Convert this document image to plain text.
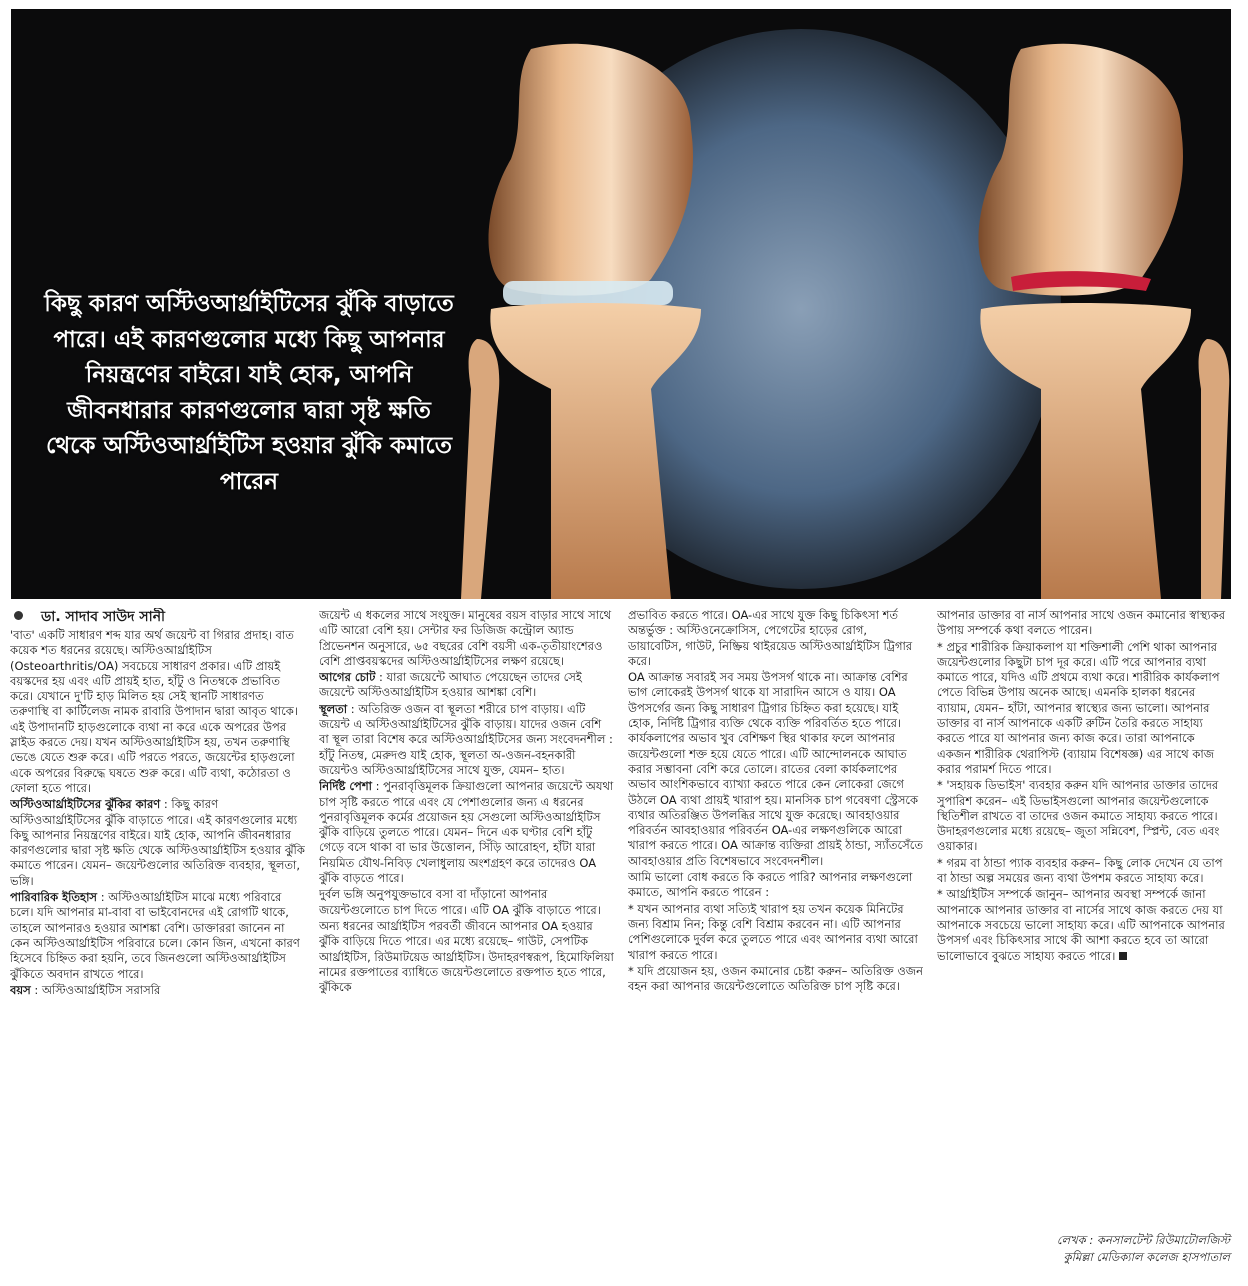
কিছু কারণ অস্টিওআর্থ্রাইটিসের ঝুঁকি বাড়াতে পারে। এই কারণগুলোর মধ্যে কিছু আপনার নিয়ন্ত্রণের বাইরে। যাই হোক, আপনি জীবনধারার কারণগুলোর দ্বারা সৃষ্ট ক্ষতি থেকে অস্টিওআর্থ্রাইটিস হওয়ার ঝুঁকি কমাতে পারেন
ডা. সাদাব সাউদ সানী

'বাত' একটি সাধারণ শব্দ যার অর্থ জয়েন্ট বা গিরার প্রদাহ। বাত কয়েক শত ধরনের রয়েছে। অস্টিওআর্থ্রাইটিস (Osteoarthritis/OA) সবচেয়ে সাধারণ প্রকার। এটি প্রায়ই বয়স্কদের হয় এবং এটি প্রায়ই হাত, হাঁটু ও নিতম্বকে প্রভাবিত করে। যেখানে দু'টি হাড় মিলিত হয় সেই স্থানটি সাধারণত তরুণাস্থি বা কার্টিলেজ নামক রাবারি উপাদান দ্বারা আবৃত থাকে। এই উপাদানটি হাড়গুলোকে ব্যথা না করে একে অপরের উপর স্লাইড করতে দেয়। যখন অস্টিওআর্থ্রাইটিস হয়, তখন তরুণাস্থি ভেঙে যেতে শুরু করে। এটি পরতে পরতে, জয়েন্টের হাড়গুলো একে অপরের বিরুদ্ধে ঘষতে শুরু করে। এটি ব্যথা, কঠোরতা ও ফোলা হতে পারে।

অস্টিওআর্থ্রাইটিসের ঝুঁকির কারণ : কিছু কারণ অস্টিওআর্থ্রাইটিসের ঝুঁকি বাড়াতে পারে। এই কারণগুলোর মধ্যে কিছু আপনার নিয়ন্ত্রণের বাইরে। যাই হোক, আপনি জীবনধারার কারণগুলোর দ্বারা সৃষ্ট ক্ষতি থেকে অস্টিওআর্থ্রাইটিস হওয়ার ঝুঁকি কমাতে পারেন। যেমন– জয়েন্টগুলোর অতিরিক্ত ব্যবহার, স্থূলতা, ভঙ্গি।

পারিবারিক ইতিহাস : অস্টিওআর্থ্রাইটিস মাঝে মধ্যে পরিবারে চলে। যদি আপনার মা-বাবা বা ভাইবোনদের এই রোগটি থাকে, তাহলে আপনারও হওয়ার আশঙ্কা বেশি। ডাক্তাররা জানেন না কেন অস্টিওআর্থ্রাইটিস পরিবারে চলে। কোন জিন, এখনো কারণ হিসেবে চিহ্নিত করা হয়নি, তবে জিনগুলো অস্টিওআর্থ্রাইটিস ঝুঁকিতে অবদান রাখতে পারে।

বয়স : অস্টিওআর্থ্রাইটিস সরাসরি

জয়েন্ট এ ধকলের সাথে সংযুক্ত। মানুষের বয়স বাড়ার সাথে সাথে এটি আরো বেশি হয়। সেন্টার ফর ডিজিজ কন্ট্রোল অ্যান্ড প্রিভেনশন অনুসারে, ৬৫ বছরের বেশি বয়সী এক-তৃতীয়াংশেরও বেশি প্রাপ্তবয়স্কদের অস্টিওআর্থ্রাইটিসের লক্ষণ রয়েছে।

আগের চোট : যারা জয়েন্টে আঘাত পেয়েছেন তাদের সেই জয়েন্টে অস্টিওআর্থ্রাইটিস হওয়ার আশঙ্কা বেশি।

স্থূলতা : অতিরিক্ত ওজন বা স্থূলতা শরীরে চাপ বাড়ায়। এটি জয়েন্ট এ অস্টিওআর্থ্রাইটিসের ঝুঁকি বাড়ায়। যাদের ওজন বেশি বা স্থূল তারা বিশেষ করে অস্টিওআর্থ্রাইটিসের জন্য সংবেদনশীল : হাঁটু নিতম্ব, মেরুদণ্ড যাই হোক, স্থূলতা অ-ওজন-বহনকারী জয়েন্টও অস্টিওআর্থ্রাইটিসের সাথে যুক্ত, যেমন– হাত।

নির্দিষ্ট পেশা : পুনরাবৃত্তিমূলক ক্রিয়াগুলো আপনার জয়েন্টে অযথা চাপ সৃষ্টি করতে পারে এবং যে পেশাগুলোর জন্য এ ধরনের পুনরাবৃত্তিমূলক কর্মের প্রয়োজন হয় সেগুলো অস্টিওআর্থ্রাইটিস ঝুঁকি বাড়িয়ে তুলতে পারে। যেমন– দিনে এক ঘণ্টার বেশি হাঁটু গেড়ে বসে থাকা বা ভার উত্তোলন, সিঁড়ি আরোহণ, হাঁটা যারা নিয়মিত যৌথ-নিবিড় খেলাধুলায় অংশগ্রহণ করে তাদেরও OA ঝুঁকি বাড়তে পারে।

দুর্বল ভঙ্গি অনুপযুক্তভাবে বসা বা দাঁড়ানো আপনার জয়েন্টগুলোতে চাপ দিতে পারে। এটি OA ঝুঁকি বাড়াতে পারে।

অন্য ধরনের আর্থ্রাইটিস পরবর্তী জীবনে আপনার OA হওয়ার ঝুঁকি বাড়িয়ে দিতে পারে। এর মধ্যে রয়েছে– গাউট, সেপটিক আর্থ্রাইটিস, রিউমাটয়েড আর্থ্রাইটিস। উদাহরণস্বরূপ, হিমোফিলিয়া নামের রক্তপাতের ব্যাধিতে জয়েন্টগুলোতে রক্তপাত হতে পারে, ঝুঁকিকে

প্রভাবিত করতে পারে। OA-এর সাথে যুক্ত কিছু চিকিৎসা শর্ত অন্তর্ভুক্ত : অস্টিওনেক্রোসিস, পেগেটের হাড়ের রোগ, ডায়াবেটিস, গাউট, নিষ্ক্রিয় থাইরয়েড অস্টিওআর্থ্রাইটিস ট্রিগার করে।

OA আক্রান্ত সবারই সব সময় উপসর্গ থাকে না। আক্রান্ত বেশির ভাগ লোকেরই উপসর্গ থাকে যা সারাদিন আসে ও যায়। OA উপসর্গের জন্য কিছু সাধারণ ট্রিগার চিহ্নিত করা হয়েছে। যাই হোক, নির্দিষ্ট ট্রিগার ব্যক্তি থেকে ব্যক্তি পরিবর্তিত হতে পারে। কার্যকলাপের অভাব খুব বেশিক্ষণ স্থির থাকার ফলে আপনার জয়েন্টগুলো শক্ত হয়ে যেতে পারে। এটি আন্দোলনকে আঘাত করার সম্ভাবনা বেশি করে তোলে। রাতের বেলা কার্যকলাপের অভাব আংশিকভাবে ব্যাখ্যা করতে পারে কেন লোকেরা জেগে উঠলে OA ব্যথা প্রায়ই খারাপ হয়। মানসিক চাপ গবেষণা স্ট্রেসকে ব্যথার অতিরঞ্জিত উপলব্ধির সাথে যুক্ত করেছে। আবহাওয়ার পরিবর্তন আবহাওয়ার পরিবর্তন OA-এর লক্ষণগুলিকে আরো খারাপ করতে পারে। OA আক্রান্ত ব্যক্তিরা প্রায়ই ঠান্ডা, স্যাঁতসেঁতে আবহাওয়ার প্রতি বিশেষভাবে সংবেদনশীল।

আমি ভালো বোধ করতে কি করতে পারি? আপনার লক্ষণগুলো কমাতে, আপনি করতে পারেন :

* যখন আপনার ব্যথা সত্যিই খারাপ হয় তখন কয়েক মিনিটের জন্য বিশ্রাম নিন; কিন্তু বেশি বিশ্রাম করবেন না। এটি আপনার পেশিগুলোকে দুর্বল করে তুলতে পারে এবং আপনার ব্যথা আরো খারাপ করতে পারে।

* যদি প্রয়োজন হয়, ওজন কমানোর চেষ্টা করুন– অতিরিক্ত ওজন বহন করা আপনার জয়েন্টগুলোতে অতিরিক্ত চাপ সৃষ্টি করে।

আপনার ডাক্তার বা নার্স আপনার সাথে ওজন কমানোর স্বাস্থ্যকর উপায় সম্পর্কে কথা বলতে পারেন।

* প্রচুর শারীরিক ক্রিয়াকলাপ যা শক্তিশালী পেশি থাকা আপনার জয়েন্টগুলোর কিছুটা চাপ দূর করে। এটি পরে আপনার ব্যথা কমাতে পারে, যদিও এটি প্রথমে ব্যথা করে। শারীরিক কার্যকলাপ পেতে বিভিন্ন উপায় অনেক আছে। এমনকি হালকা ধরনের ব্যায়াম, যেমন– হাঁটা, আপনার স্বাস্থ্যের জন্য ভালো। আপনার ডাক্তার বা নার্স আপনাকে একটি রুটিন তৈরি করতে সাহায্য করতে পারে যা আপনার জন্য কাজ করে। তারা আপনাকে একজন শারীরিক থেরাপিস্ট (ব্যায়াম বিশেষজ্ঞ) এর সাথে কাজ করার পরামর্শ দিতে পারে।

* 'সহায়ক ডিভাইস' ব্যবহার করুন যদি আপনার ডাক্তার তাদের সুপারিশ করেন– এই ডিভাইসগুলো আপনার জয়েন্টগুলোকে স্থিতিশীল রাখতে বা তাদের ওজন কমাতে সাহায্য করতে পারে। উদাহরণগুলোর মধ্যে রয়েছে– জুতা সন্নিবেশ, স্প্লিন্ট, বেত এবং ওয়াকার।

* গরম বা ঠান্ডা প্যাক ব্যবহার করুন– কিছু লোক দেখেন যে তাপ বা ঠান্ডা অল্প সময়ের জন্য ব্যথা উপশম করতে সাহায্য করে।

* আর্থ্রাইটিস সম্পর্কে জানুন– আপনার অবস্থা সম্পর্কে জানা আপনাকে আপনার ডাক্তার বা নার্সের সাথে কাজ করতে দেয় যা আপনাকে সবচেয়ে ভালো সাহায্য করে। এটি আপনাকে আপনার উপসর্গ এবং চিকিৎসার সাথে কী আশা করতে হবে তা আরো ভালোভাবে বুঝতে সাহায্য করতে পারে।

লেখক : কনসালটেন্ট রিউমাটোলজিস্ট
কুমিল্লা মেডিক্যাল কলেজ হাসপাতাল
